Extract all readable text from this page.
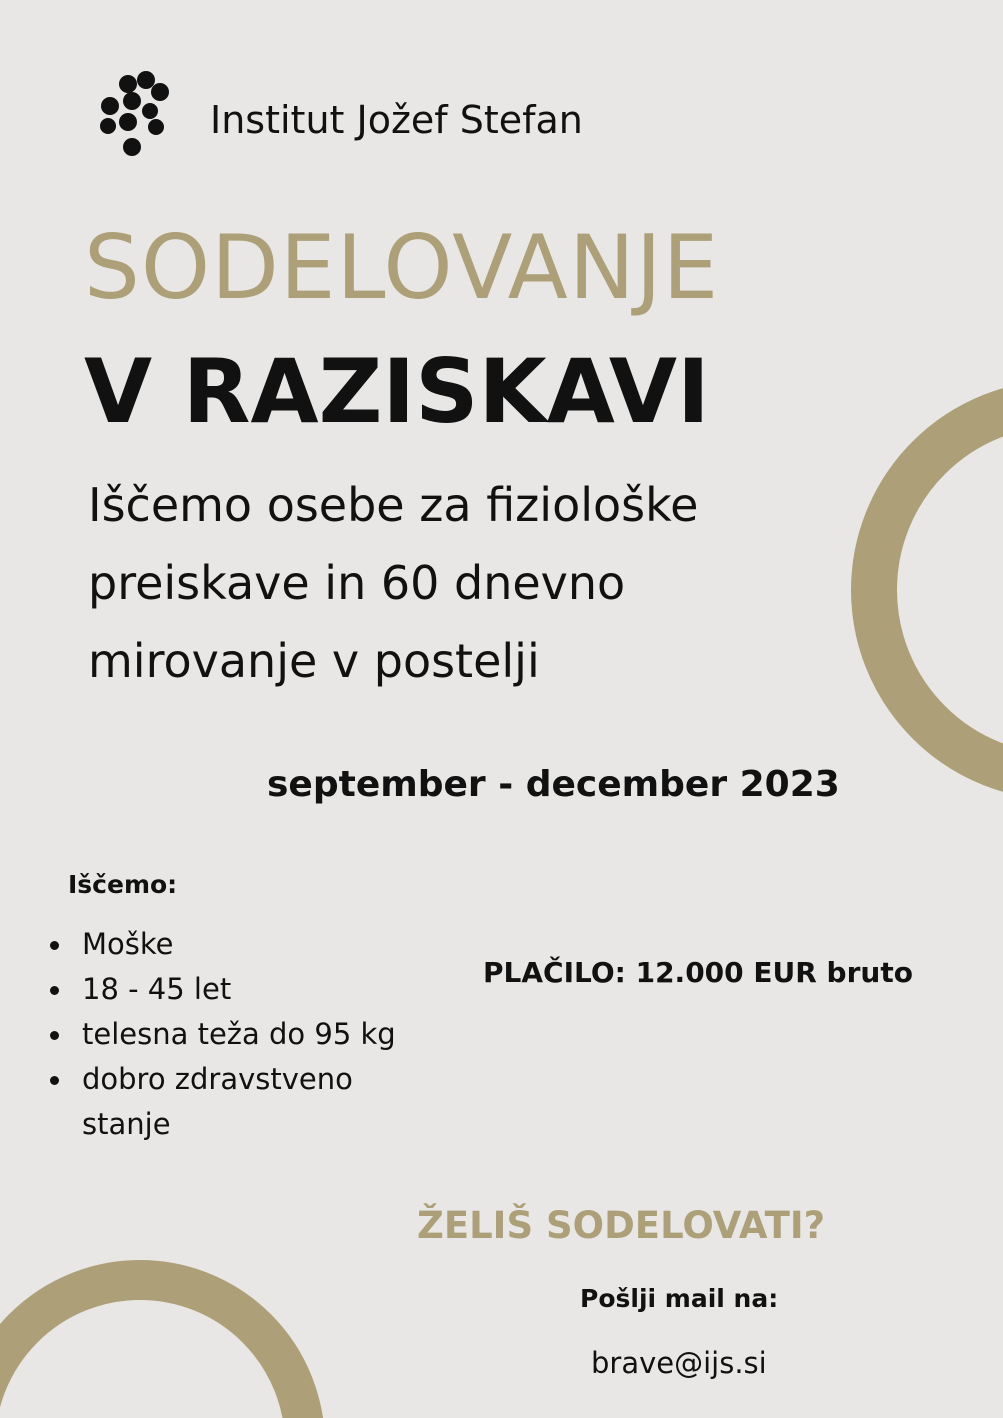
Institut Jožef Stefan
SODELOVANJE
V RAZISKAVI

Iščemo osebe za fiziološke
preiskave in 60 dnevno
mirovanje v postelji

september - december 2023
Iščemo:
Moške
18 - 45 let
telesna teža do 95 kg
dobro zdravstveno stanje
PLAČILO: 12.000 EUR bruto
ŽELIŠ SODELOVATI?
Pošlji mail na:
brave@ijs.si
